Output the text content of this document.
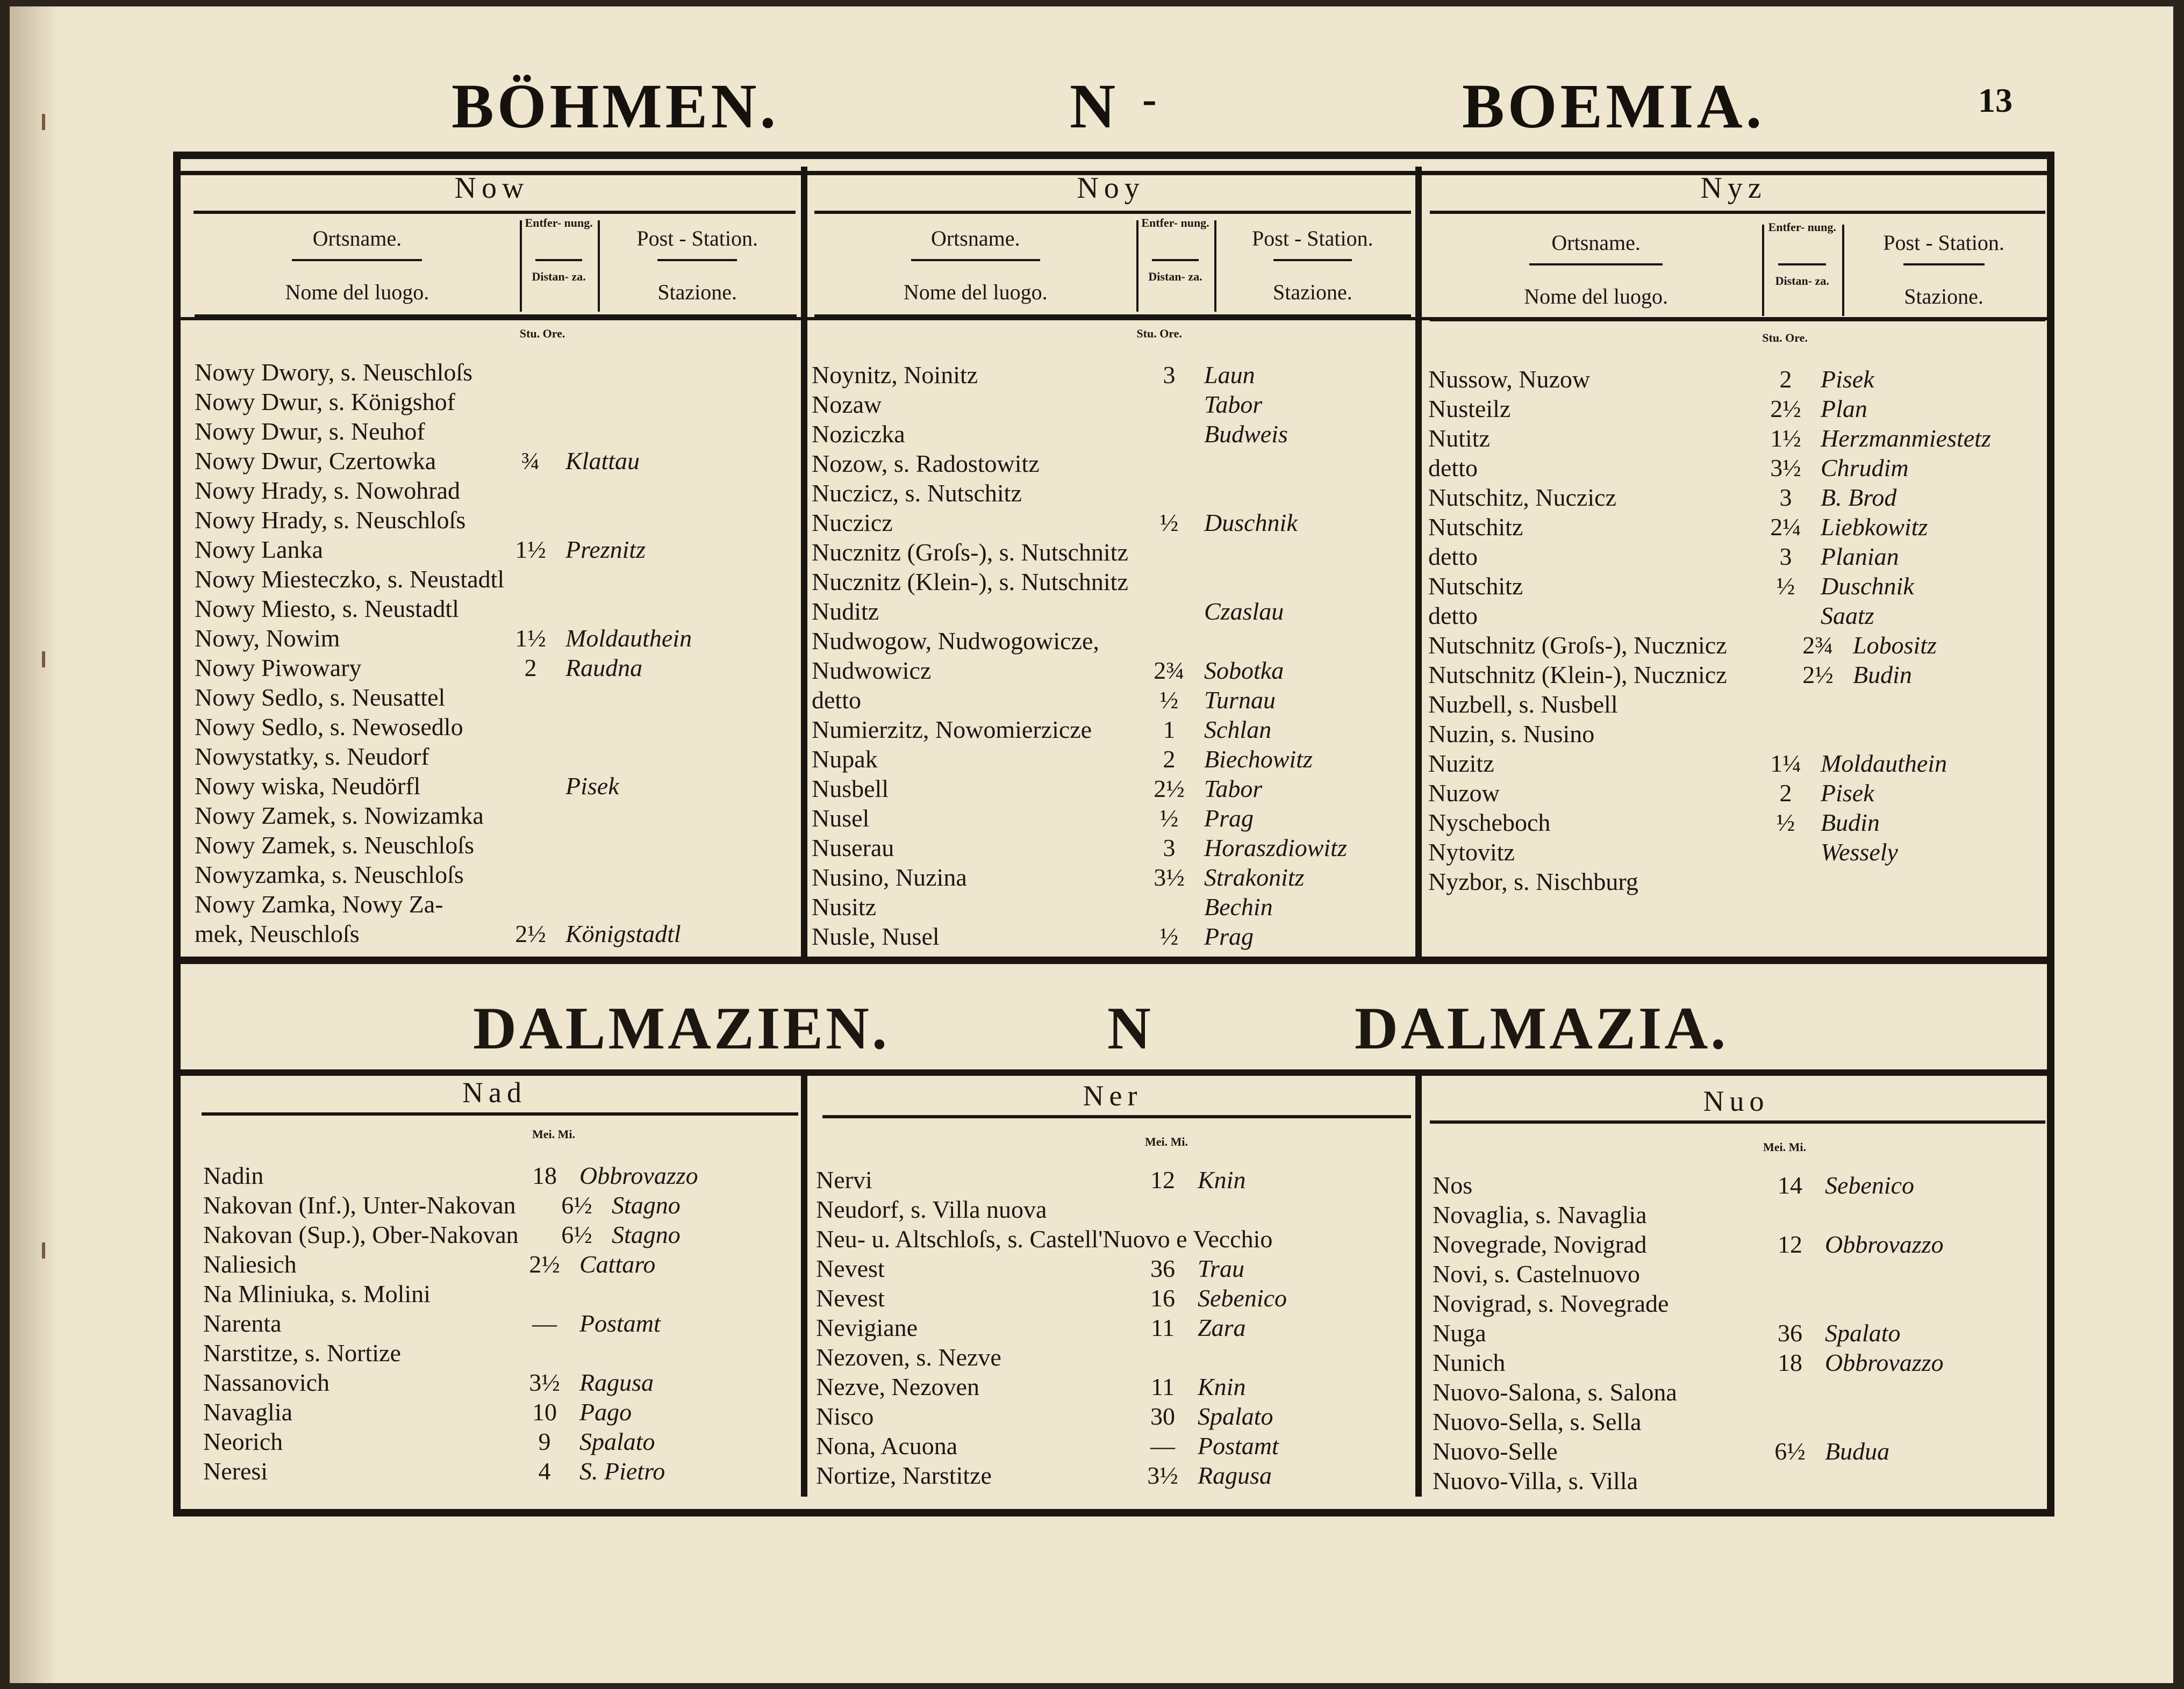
BÖHMEN.	N -	BOEMIA.	13
Now	Noy	Nyz
Ortsname.
Nome del luogo.
Entfer- nung.
Distan- za.
Post - Station.
Stazione.
Stu. Ore.
Ortsname.
Nome del luogo.
Entfer- nung.
Distan- za.
Post - Station.
Stazione.
Stu. Ore.
Ortsname.
Nome del luogo.
Entfer- nung.
Distan- za.
Post - Station.
Stazione.
Stu. Ore.
Nowy Dwory, s. Neuschloſs
Nowy Dwur, s. Königshof
Nowy Dwur, s. Neuhof
Nowy Dwur, Czertowka	¾	Klattau
Nowy Hrady, s. Nowohrad
Nowy Hrady, s. Neuschloſs
Nowy Lanka	1½ Preznitz
Nowy Miesteczko, s. Neustadtl
Nowy Miesto, s. Neustadtl
Nowy, Nowim	1½ Moldauthein
Nowy Piwowary	2	Raudna
Nowy Sedlo, s. Neusattel
Nowy Sedlo, s. Newosedlo
Nowystatky, s. Neudorf
Nowy wiska, Neudörfl	Pisek
Nowy Zamek, s. Nowizamka
Nowy Zamek, s. Neuschloſs
Nowyzamka, s. Neuschloſs
Nowy Zamka, Nowy Za-
mek, Neuschloſs	2½ Königstadtl
Noynitz, Noinitz	3	Laun
Nozaw	Tabor
Noziczka	Budweis
Nozow, s. Radostowitz
Nuczicz, s. Nutschitz
Nuczicz	½	Duschnik
Nucznitz (Groſs-), s. Nutschnitz
Nucznitz (Klein-), s. Nutschnitz
Nuditz	Czaslau
Nudwogow, Nudwogowicze,
Nudwowicz	2¾ Sobotka
detto	½	Turnau
Numierzitz, Nowomierzicze	1	Schlan
Nupak	2	Biechowitz
Nusbell	2½ Tabor
Nusel	½	Prag
Nuserau	3	Horaszdiowitz
Nusino, Nuzina	3½ Strakonitz
Nusitz	Bechin
Nusle, Nusel	½	Prag
Nussow, Nuzow	2	Pisek
Nusteilz	2½ Plan
Nutitz	1½ Herzmanmiestetz
detto	3½ Chrudim
Nutschitz, Nuczicz	3	B. Brod
Nutschitz	2¼ Liebkowitz
detto	3	Planian
Nutschitz	½	Duschnik
detto	Saatz
Nutschnitz (Groſs-), Nucznicz	2¾ Lobositz
Nutschnitz (Klein-), Nucznicz	2½ Budin
Nuzbell, s. Nusbell
Nuzin, s. Nusino
Nuzitz	1¼ Moldauthein
Nuzow	2	Pisek
Nyscheboch	½	Budin
Nytovitz	Wessely
Nyzbor, s. Nischburg
DALMAZIEN.	N	DALMAZIA.
Nad	Ner	Nuo
Mei. Mi.
Mei. Mi.	Mei. Mi.
Nadin	18 Obbrovazzo
Nakovan (Inf.), Unter-Nakovan	6½ Stagno
Nakovan (Sup.), Ober-Nakovan	6½ Stagno
Naliesich	2½ Cattaro
Na Mliniuka, s. Molini
Narenta	— Postamt
Narstitze, s. Nortize
Nassanovich	3½ Ragusa
Navaglia	10 Pago
Neorich	9	Spalato
Neresi	4	S. Pietro
Nervi	12 Knin
Neudorf, s. Villa nuova
Neu- u. Altschloſs, s. Castell'Nuovo e Vecchio
Nevest	36 Trau
Nevest	16 Sebenico
Nevigiane	11 Zara
Nezoven, s. Nezve
Nezve, Nezoven	11 Knin
Nisco	30 Spalato
Nona, Acuona	— Postamt
Nortize, Narstitze	3½ Ragusa
Nos	14 Sebenico
Novaglia, s. Navaglia
Novegrade, Novigrad	12 Obbrovazzo
Novi, s. Castelnuovo
Novigrad, s. Novegrade
Nuga	36 Spalato
Nunich	18 Obbrovazzo
Nuovo-Salona, s. Salona
Nuovo-Sella, s. Sella
Nuovo-Selle	6½ Budua
Nuovo-Villa, s. Villa
